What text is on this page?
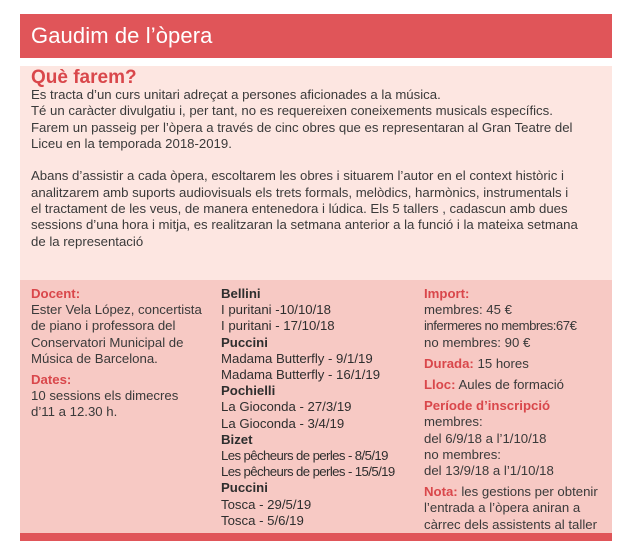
Gaudim de l’òpera
Què farem?

Es tracta d’un curs unitari adreçat a persones aficionades a la música.
Té un caràcter divulgatiu i, per tant, no es requereixen coneixements musicals específics.
Farem un passeig per l’òpera a través de cinc obres que es representaran al Gran Teatre del
Liceu en la temporada 2018-2019.

Abans d’assistir a cada òpera, escoltarem les obres i situarem l’autor en el context històric i
analitzarem amb suports audiovisuals els trets formals, melòdics, harmònics, instrumentals i
el tractament de les veus, de manera entenedora i lúdica. Els 5 tallers , cadascun amb dues
sessions d’una hora i mitja, es realitzaran la setmana anterior a la funció i la mateixa setmana
de la representació

Docent:
Ester Vela López, concertista
de piano i professora del
Conservatori Municipal de
Música de Barcelona.
Dates:
10 sessions els dimecres
d’11 a 12.30 h.
Bellini
I puritani -10/10/18
I puritani - 17/10/18
Puccini
Madama Butterfly - 9/1/19
Madama Butterfly - 16/1/19
Pochielli
La Gioconda - 27/3/19
La Gioconda - 3/4/19
Bizet
Les pêcheurs de perles - 8/5/19
Les pêcheurs de perles - 15/5/19
Puccini
Tosca - 29/5/19
Tosca - 5/6/19
Import:
membres: 45 €
infermeres no membres:67€
no membres: 90 €
Durada: 15 hores
Lloc: Aules de formació
Període d’inscripció
membres:
del 6/9/18 a l’1/10/18
no membres:
del 13/9/18 a l’1/10/18
Nota: les gestions per obtenir
l’entrada a l’òpera aniran a
càrrec dels assistents al taller
